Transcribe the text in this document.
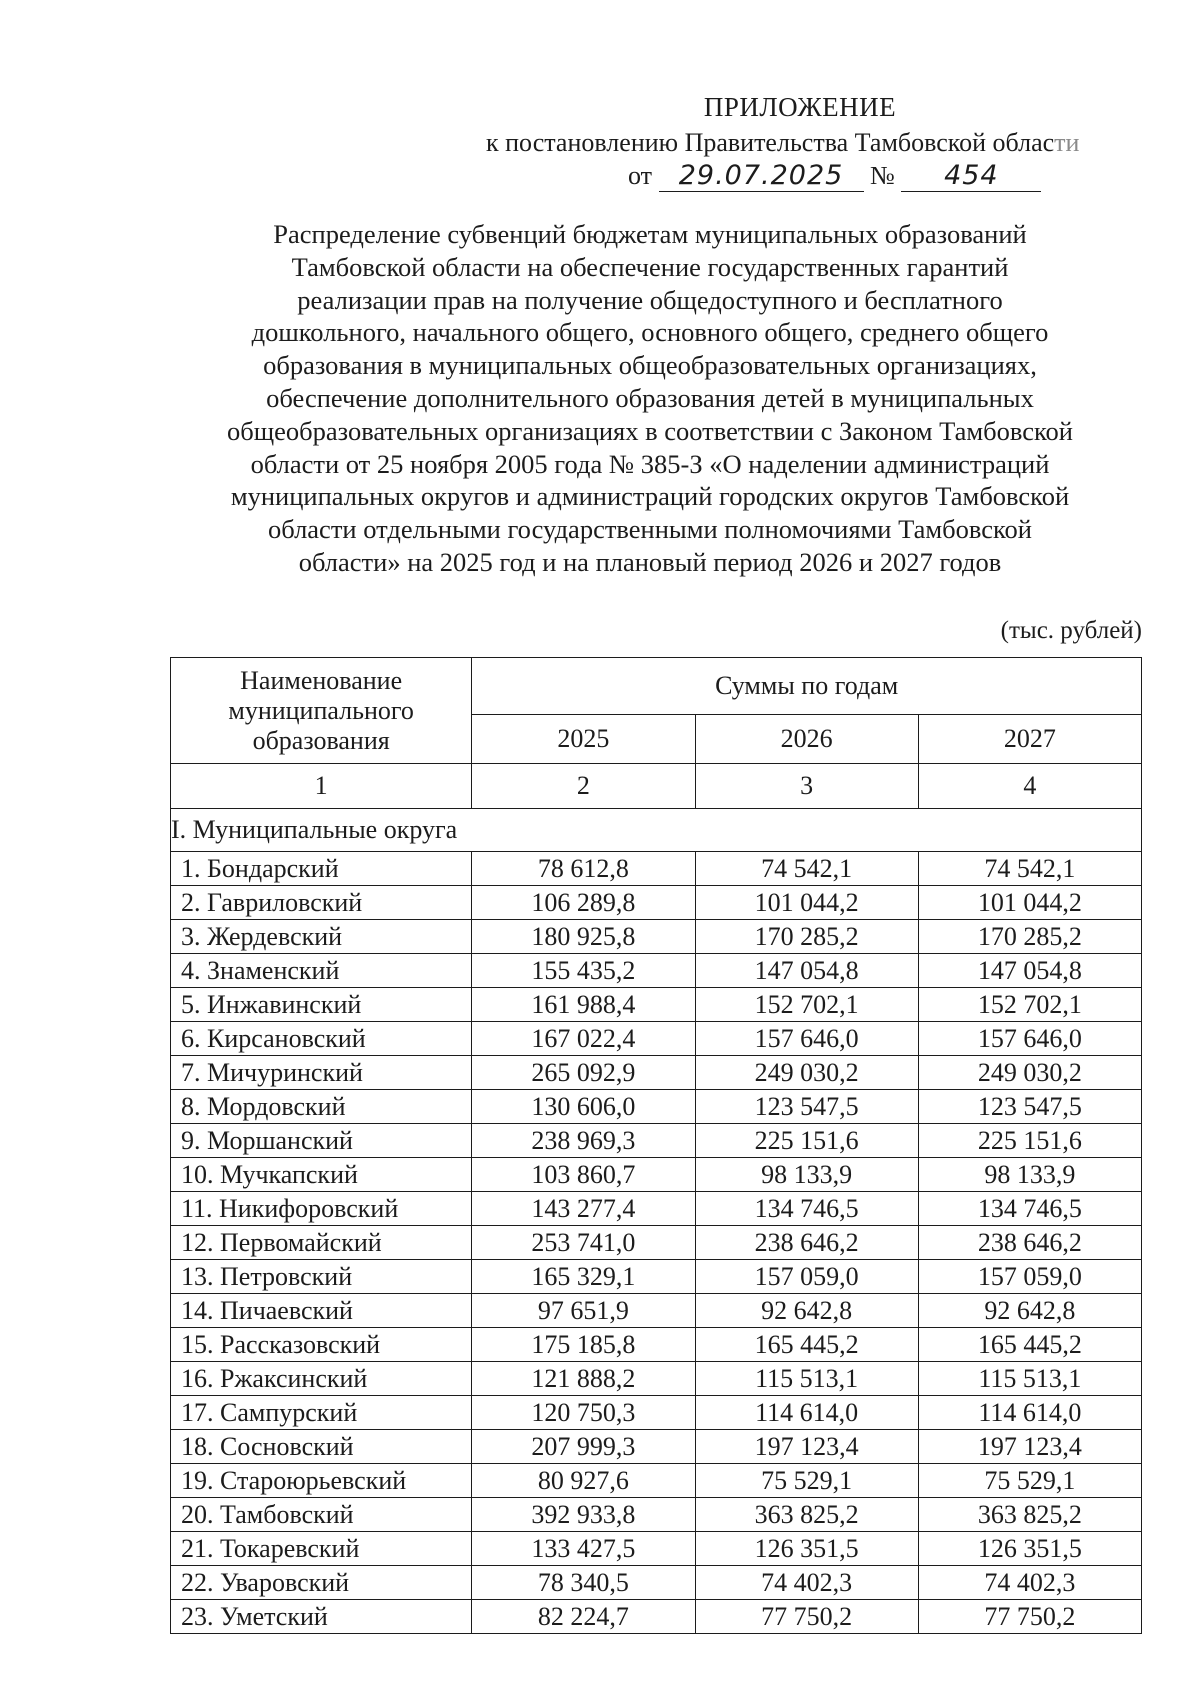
ПРИЛОЖЕНИЕ
к постановлению Правительства Тамбовской области
от 29.07.2025 № 454
Распределение субвенций бюджетам муниципальных образований
Тамбовской области на обеспечение государственных гарантий
реализации прав на получение общедоступного и бесплатного
дошкольного, начального общего, основного общего, среднего общего
образования в муниципальных общеобразовательных организациях,
обеспечение дополнительного образования детей в муниципальных
общеобразовательных организациях в соответствии с Законом Тамбовской
области от 25 ноября 2005 года № 385-З «О наделении администраций
муниципальных округов и администраций городских округов Тамбовской
области отдельными государственными полномочиями Тамбовской
области» на 2025 год и на плановый период 2026 и 2027 годов
(тыс. рублей)
Наименование муниципального образования	Суммы по годам		
	2025	2026	2027
1	2	3	4
I. Муниципальные округа			
1. Бондарский	78 612,8	74 542,1	74 542,1
2. Гавриловский	106 289,8	101 044,2	101 044,2
3. Жердевский	180 925,8	170 285,2	170 285,2
4. Знаменский	155 435,2	147 054,8	147 054,8
5. Инжавинский	161 988,4	152 702,1	152 702,1
6. Кирсановский	167 022,4	157 646,0	157 646,0
7. Мичуринский	265 092,9	249 030,2	249 030,2
8. Мордовский	130 606,0	123 547,5	123 547,5
9. Моршанский	238 969,3	225 151,6	225 151,6
10. Мучкапский	103 860,7	98 133,9	98 133,9
11. Никифоровский	143 277,4	134 746,5	134 746,5
12. Первомайский	253 741,0	238 646,2	238 646,2
13. Петровский	165 329,1	157 059,0	157 059,0
14. Пичаевский	97 651,9	92 642,8	92 642,8
15. Рассказовский	175 185,8	165 445,2	165 445,2
16. Ржаксинский	121 888,2	115 513,1	115 513,1
17. Сампурский	120 750,3	114 614,0	114 614,0
18. Сосновский	207 999,3	197 123,4	197 123,4
19. Староюрьевский	80 927,6	75 529,1	75 529,1
20. Тамбовский	392 933,8	363 825,2	363 825,2
21. Токаревский	133 427,5	126 351,5	126 351,5
22. Уваровский	78 340,5	74 402,3	74 402,3
23. Уметский	82 224,7	77 750,2	77 750,2
